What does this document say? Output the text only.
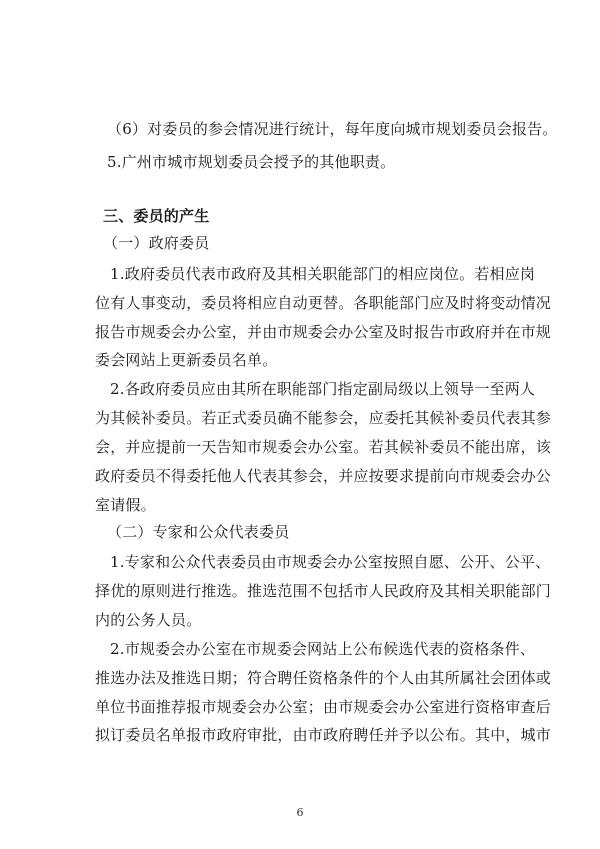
（6）对委员的参会情况进行统计，每年度向城市规划委员会报告。
5.广州市城市规划委员会授予的其他职责。
三、委员的产生
（一）政府委员
1.政府委员代表市政府及其相关职能部门的相应岗位。若相应岗
位有人事变动，委员将相应自动更替。各职能部门应及时将变动情况
报告市规委会办公室，并由市规委会办公室及时报告市政府并在市规
委会网站上更新委员名单。
2.各政府委员应由其所在职能部门指定副局级以上领导一至两人
为其候补委员。若正式委员确不能参会，应委托其候补委员代表其参
会，并应提前一天告知市规委会办公室。若其候补委员不能出席，该
政府委员不得委托他人代表其参会，并应按要求提前向市规委会办公
室请假。
（二）专家和公众代表委员
1.专家和公众代表委员由市规委会办公室按照自愿、公开、公平、
择优的原则进行推选。推选范围不包括市人民政府及其相关职能部门
内的公务人员。
2.市规委会办公室在市规委会网站上公布候选代表的资格条件、
推选办法及推选日期；符合聘任资格条件的个人由其所属社会团体或
单位书面推荐报市规委会办公室；由市规委会办公室进行资格审查后
拟订委员名单报市政府审批，由市政府聘任并予以公布。其中，城市
6
